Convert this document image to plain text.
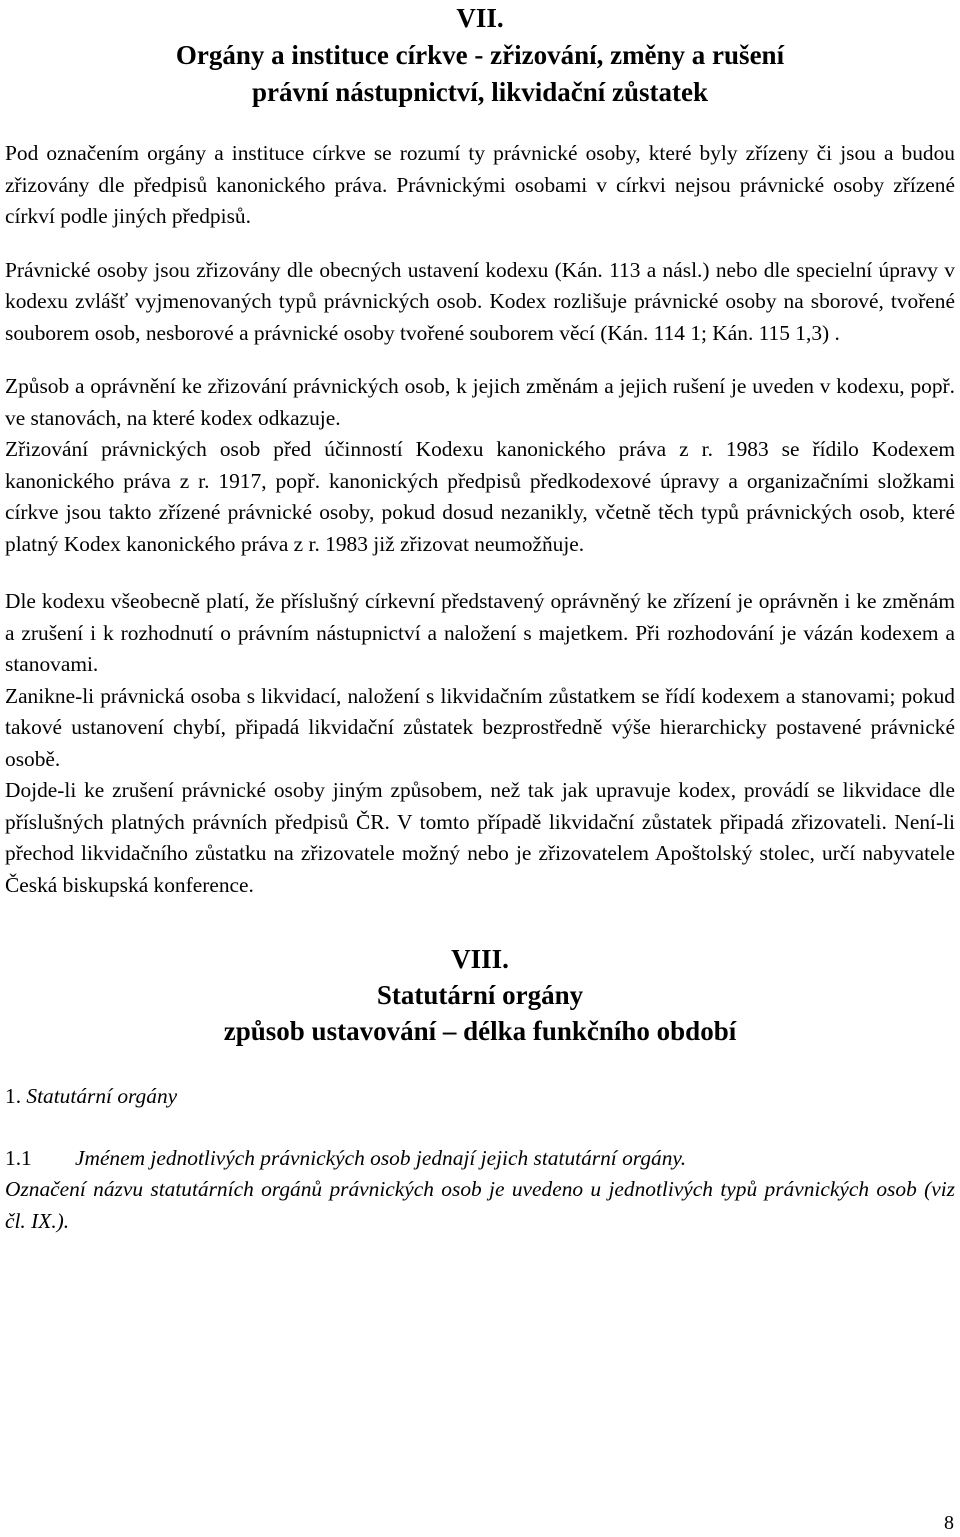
VII.
Orgány a instituce církve - zřizování, změny a rušení
právní nástupnictví, likvidační zůstatek

Pod označením orgány a instituce církve se rozumí ty právnické osoby, které byly zřízeny či jsou a budou zřizovány dle předpisů kanonického práva. Právnickými osobami v církvi nejsou právnické osoby zřízené církví podle jiných předpisů.

Právnické osoby jsou zřizovány dle obecných ustavení kodexu (Kán. 113 a násl.) nebo dle specielní úpravy v kodexu zvlášť vyjmenovaných typů právnických osob. Kodex rozlišuje právnické osoby na sborové, tvořené souborem osob, nesborové a právnické osoby tvořené souborem věcí (Kán. 114 1; Kán. 115 1,3) .

Způsob a oprávnění ke zřizování právnických osob, k jejich změnám a jejich rušení je uveden v kodexu, popř. ve stanovách, na které kodex odkazuje.

Zřizování právnických osob před účinností Kodexu kanonického práva z r. 1983 se řídilo Kodexem kanonického práva z r. 1917, popř. kanonických předpisů předkodexové úpravy a organizačními složkami církve jsou takto zřízené právnické osoby, pokud dosud nezanikly, včetně těch typů právnických osob, které platný Kodex kanonického práva z r. 1983 již zřizovat neumožňuje.

Dle kodexu všeobecně platí, že příslušný církevní představený oprávněný ke zřízení je oprávněn i ke změnám a zrušení i k rozhodnutí o právním nástupnictví a naložení s majetkem. Při rozhodování je vázán kodexem a stanovami.

Zanikne-li právnická osoba s likvidací, naložení s likvidačním zůstatkem se řídí kodexem a stanovami; pokud takové ustanovení chybí, připadá likvidační zůstatek bezprostředně výše hierarchicky postavené právnické osobě.

Dojde-li ke zrušení právnické osoby jiným způsobem, než tak jak upravuje kodex, provádí se likvidace dle příslušných platných právních předpisů ČR. V tomto případě likvidační zůstatek připadá zřizovateli. Není-li přechod likvidačního zůstatku na zřizovatele možný nebo je zřizovatelem Apoštolský stolec, určí nabyvatele Česká biskupská konference.

VIII.
Statutární orgány
způsob ustavování – délka funkčního období

1. Statutární orgány

1.1 Jménem jednotlivých právnických osob jednají jejich statutární orgány.
Označení názvu statutárních orgánů právnických osob je uvedeno u jednotlivých typů právnických osob (viz čl. IX.).
8
